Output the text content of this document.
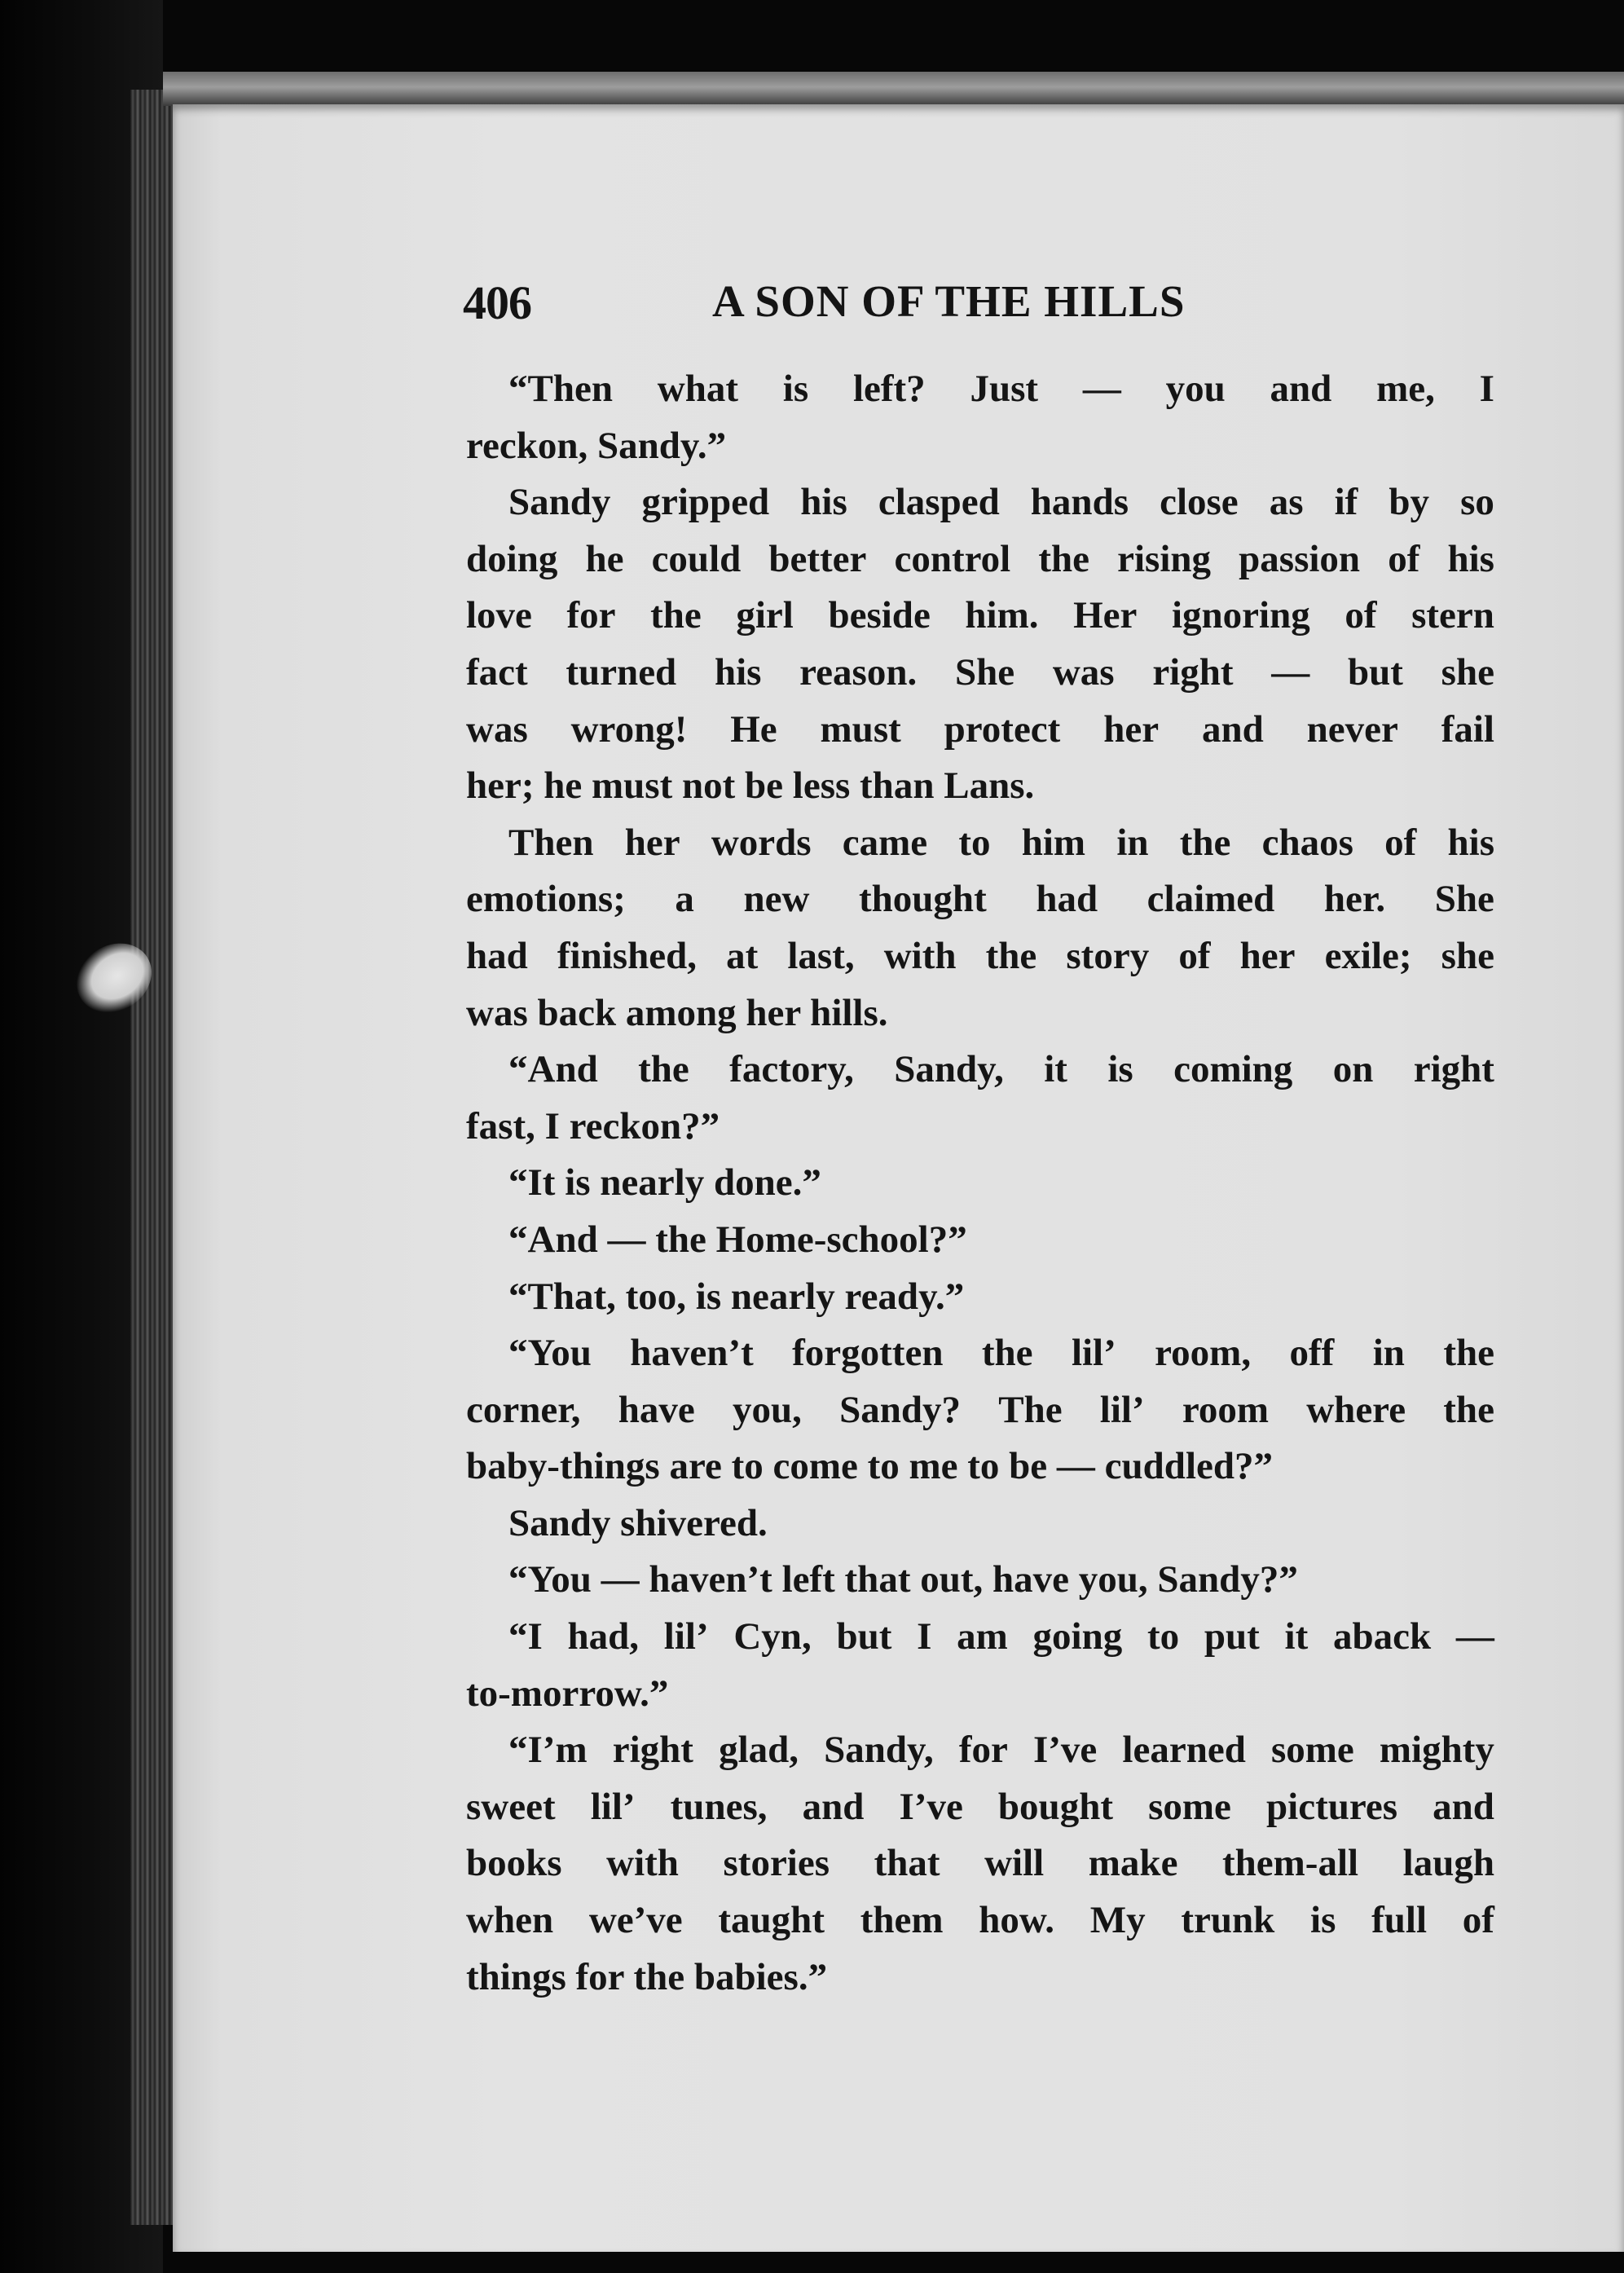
406	A SON OF THE HILLS
“Then what is left? Just — you and me, I
reckon, Sandy.”
Sandy gripped his clasped hands close as if by so
doing he could better control the rising passion of his
love for the girl beside him. Her ignoring of stern
fact turned his reason. She was right — but she
was wrong! He must protect her and never fail
her; he must not be less than Lans.
Then her words came to him in the chaos of his
emotions; a new thought had claimed her. She
had finished, at last, with the story of her exile; she
was back among her hills.
“And the factory, Sandy, it is coming on right
fast, I reckon?”
“It is nearly done.”
“And — the Home-school?”
“That, too, is nearly ready.”
“You haven’t forgotten the lil’ room, off in the
corner, have you, Sandy? The lil’ room where the
baby-things are to come to me to be — cuddled?”
Sandy shivered.
“You — haven’t left that out, have you, Sandy?”
“I had, lil’ Cyn, but I am going to put it aback —
to-morrow.”
“I’m right glad, Sandy, for I’ve learned some mighty
sweet lil’ tunes, and I’ve bought some pictures and
books with stories that will make them-all laugh
when we’ve taught them how. My trunk is full of
things for the babies.”
